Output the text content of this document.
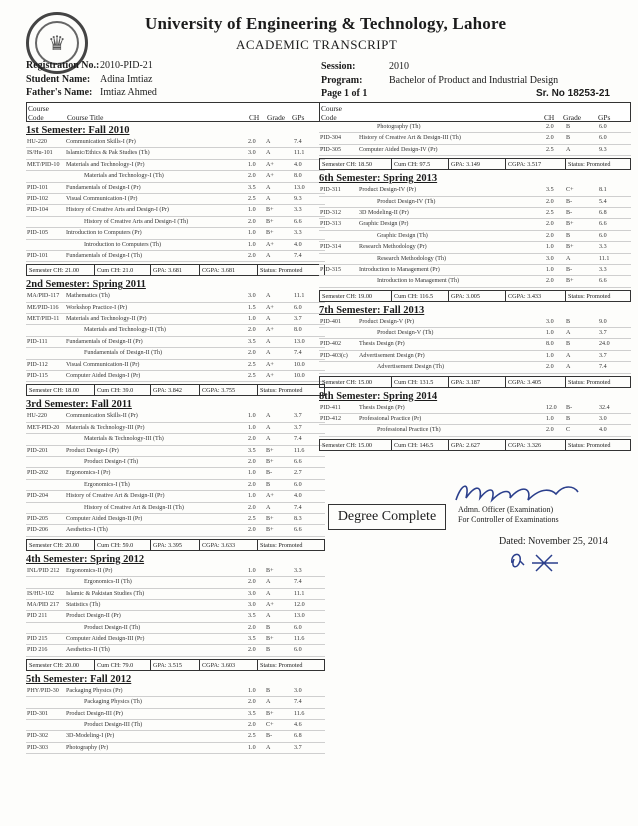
♛
University of Engineering & Technology, Lahore
ACADEMIC TRANSCRIPT
Registration No.: 2010-PID-21
Student Name: Adina Imtiaz
Father's Name: Imtiaz Ahmed
Session:	2010
Program:	Bachelor of Product and Industrial Design
Page 1 of 1	Sr. No 18253-21
Course
Code	Course Title	CH Grade GPs
1st Semester: Fall 2010
HU-220	Communication Skills-I (Pr)	2.0 A	7.4
IS/Hu-101 Islamic/Ethics & Pak Studies (Th)	3.0 A	11.1
MET/PID-10 Materials and Technology-I (Pr)	1.0 A+	4.0
Materials and Technology-I (Th)	2.0 A+	8.0
PID-101	Fundamentals of Design-I (Pr)	3.5 A	13.0
PID-102	Visual Communication-I (Pr)	2.5 A	9.3
PID-104	History of Creative Arts and Design-I (Pr)	1.0 B+	3.3
History of Creative Arts and Design-I (Th)	2.0 B+	6.6
PID-105	Introduction to Computers (Pr)	1.0 B+	3.3
Introduction to Computers (Th)	1.0 A+	4.0
PID-101	Fundamentals of Design-I (Th)	2.0 A	7.4
Semester CH: 21.00	Cum CH: 21.0	GPA: 3.681	CGPA: 3.681	Status: Promoted
2nd Semester: Spring 2011
MA/PID-117 Mathematics (Th)	3.0 A	11.1
ME/PID-116 Workshop Practice-I (Pr)	1.5 A+	6.0
MET/PID-11 Materials and Technology-II (Pr)	1.0 A	3.7
Materials and Technology-II (Th)	2.0 A+	8.0
PID-111	Fundamentals of Design-II (Pr)	3.5 A	13.0
Fundamentals of Design-II (Th)	2.0 A	7.4
PID-112	Visual Communication-II (Pr)	2.5 A+	10.0
PID-115	Computer Aided Design-I (Pr)	2.5 A+	10.0
Semester CH: 18.00	Cum CH: 39.0	GPA: 3.842	CGPA: 3.755	Status: Promoted
3rd Semester: Fall 2011
HU-220	Communication Skills-II (Pr)	1.0 A	3.7
MET-PID-20 Materials & Technology-III (Pr)	1.0 A	3.7
Materials & Technology-III (Th)	2.0 A	7.4
PID-201	Product Design-I (Pr)	3.5 B+	11.6
Product Design-I (Th)	2.0 B+	6.6
PID-202	Ergonomics-I (Pr)	1.0 B-	2.7
Ergonomics-I (Th)	2.0 B	6.0
PID-204	History of Creative Art & Design-II (Pr)	1.0 A+	4.0
History of Creative Art & Design-II (Th)	2.0 A	7.4
PID-205	Computer Aided Design-II (Pr)	2.5 B+	8.3
PID-206	Aesthetics-I (Th)	2.0 B+	6.6
Semester CH: 20.00	Cum CH: 59.0	GPA: 3.395	CGPA: 3.633	Status: Promoted
4th Semester: Spring 2012
INL/PID 212 Ergonomics-II (Pr)	1.0 B+	3.3
Ergonomics-II (Th)	2.0 A	7.4
IS/HU-102 Islamic & Pakistan Studies (Th)	3.0 A	11.1
MA/PID 217 Statistics (Th)	3.0 A+	12.0
PID 211	Product Design-II (Pr)	3.5 A	13.0
Product Design-II (Th)	2.0 B	6.0
PID 215	Computer Aided Design-III (Pr)	3.5 B+	11.6
PID 216	Aesthetics-II (Th)	2.0 B	6.0
Semester CH: 20.00	Cum CH: 79.0	GPA: 3.515	CGPA: 3.603	Status: Promoted
5th Semester: Fall 2012
PHY/PID-30 Packaging Physics (Pr)	1.0 B	3.0
Packaging Physics (Th)	2.0 A	7.4
PID-301	Product Design-III (Pr)	3.5 B+	11.6
Product Design-III (Th)	2.0 C+	4.6
PID-302	3D-Modeling-I (Pr)	2.5 B-	6.8
PID-303	Photography (Pr)	1.0 A	3.7
Course
Code	CH Grade GPs
Photography (Th)	2.0 B	6.0
PID-304	History of Creative Art & Design-III (Th)	2.0 B	6.0
PID-305	Computer Aided Design-IV (Pr)	2.5 A	9.3
Semester CH: 18.50	Cum CH: 97.5	GPA: 3.149	CGPA: 3.517	Status: Promoted
6th Semester: Spring 2013
PID-311	Product Design-IV (Pr)	3.5 C+	8.1
Product Design-IV (Th)	2.0 B-	5.4
PID-312	3D Modeling-II (Pr)	2.5 B-	6.8
PID-313	Graphic Design (Pr)	2.0 B+	6.6
Graphic Design (Th)	2.0 B	6.0
PID-314	Research Methodology (Pr)	1.0 B+	3.3
Research Methodology (Th)	3.0 A	11.1
PID-315	Introduction to Management (Pr)	1.0 B-	3.3
Introduction to Management (Th)	2.0 B+	6.6
Semester CH: 19.00	Cum CH: 116.5	GPA: 3.005	CGPA: 3.433	Status: Promoted
7th Semester: Fall 2013
PID-401	Product Design-V (Pr)	3.0 B	9.0
Product Design-V (Th)	1.0 A	3.7
PID-402	Thesis Design (Pr)	8.0 B	24.0
PID-403(c) Advertisement Design (Pr)	1.0 A	3.7
Advertisement Design (Th)	2.0 A	7.4
Semester CH: 15.00	Cum CH: 131.5	GPA: 3.187	CGPA: 3.405	Status: Promoted
8th Semester: Spring 2014
PID-411	Thesis Design (Pr)	12.0 B-	32.4
PID-412	Professional Practice (Pr)	1.0 B	3.0
Professional Practice (Th)	2.0 C	4.0
Semester CH: 15.00	Cum CH: 146.5	GPA: 2.627	CGPA: 3.326	Status: Promoted
Degree Complete	Admn. Officer (Examination)
For Controller of Examinations
Dated: November 25, 2014
